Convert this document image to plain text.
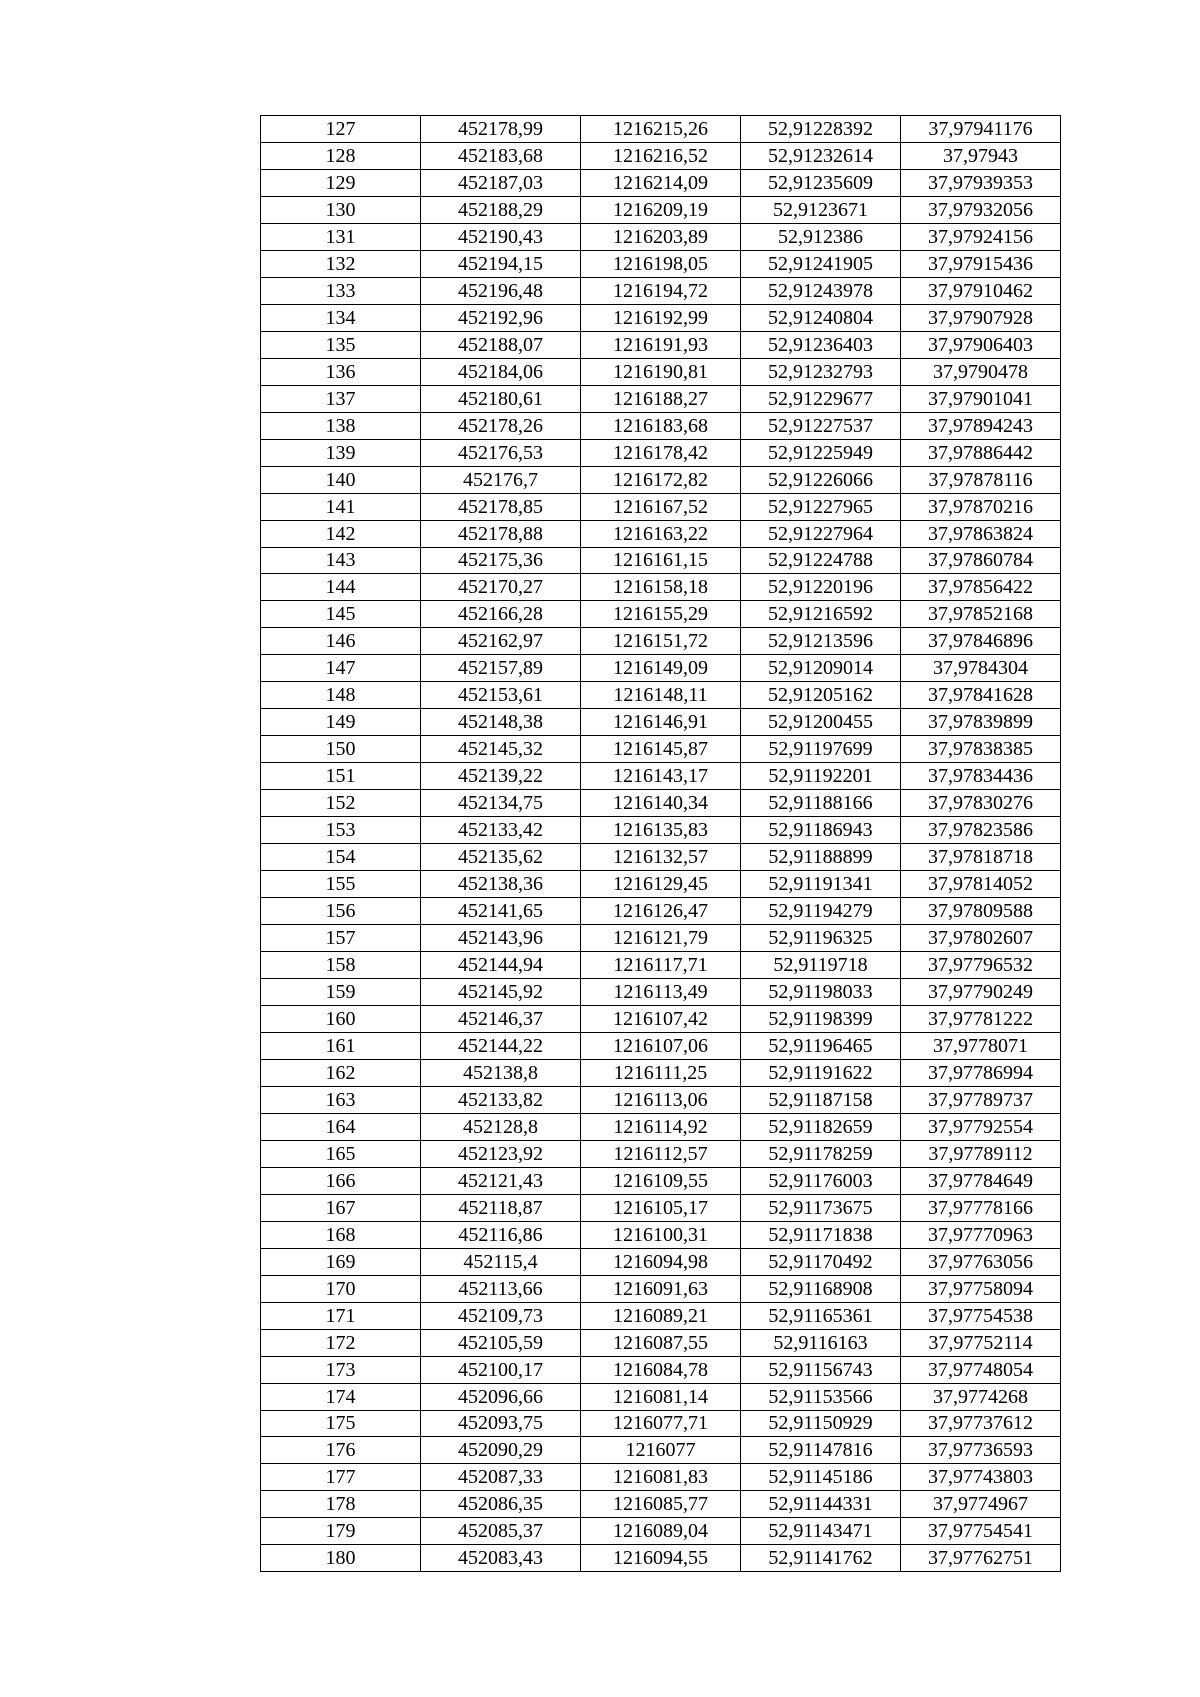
127	452178,99	1216215,26	52,91228392	37,97941176
128	452183,68	1216216,52	52,91232614	37,97943
129	452187,03	1216214,09	52,91235609	37,97939353
130	452188,29	1216209,19	52,9123671	37,97932056
131	452190,43	1216203,89	52,912386	37,97924156
132	452194,15	1216198,05	52,91241905	37,97915436
133	452196,48	1216194,72	52,91243978	37,97910462
134	452192,96	1216192,99	52,91240804	37,97907928
135	452188,07	1216191,93	52,91236403	37,97906403
136	452184,06	1216190,81	52,91232793	37,9790478
137	452180,61	1216188,27	52,91229677	37,97901041
138	452178,26	1216183,68	52,91227537	37,97894243
139	452176,53	1216178,42	52,91225949	37,97886442
140	452176,7	1216172,82	52,91226066	37,97878116
141	452178,85	1216167,52	52,91227965	37,97870216
142	452178,88	1216163,22	52,91227964	37,97863824
143	452175,36	1216161,15	52,91224788	37,97860784
144	452170,27	1216158,18	52,91220196	37,97856422
145	452166,28	1216155,29	52,91216592	37,97852168
146	452162,97	1216151,72	52,91213596	37,97846896
147	452157,89	1216149,09	52,91209014	37,9784304
148	452153,61	1216148,11	52,91205162	37,97841628
149	452148,38	1216146,91	52,91200455	37,97839899
150	452145,32	1216145,87	52,91197699	37,97838385
151	452139,22	1216143,17	52,91192201	37,97834436
152	452134,75	1216140,34	52,91188166	37,97830276
153	452133,42	1216135,83	52,91186943	37,97823586
154	452135,62	1216132,57	52,91188899	37,97818718
155	452138,36	1216129,45	52,91191341	37,97814052
156	452141,65	1216126,47	52,91194279	37,97809588
157	452143,96	1216121,79	52,91196325	37,97802607
158	452144,94	1216117,71	52,9119718	37,97796532
159	452145,92	1216113,49	52,91198033	37,97790249
160	452146,37	1216107,42	52,91198399	37,97781222
161	452144,22	1216107,06	52,91196465	37,9778071
162	452138,8	1216111,25	52,91191622	37,97786994
163	452133,82	1216113,06	52,91187158	37,97789737
164	452128,8	1216114,92	52,91182659	37,97792554
165	452123,92	1216112,57	52,91178259	37,97789112
166	452121,43	1216109,55	52,91176003	37,97784649
167	452118,87	1216105,17	52,91173675	37,97778166
168	452116,86	1216100,31	52,91171838	37,97770963
169	452115,4	1216094,98	52,91170492	37,97763056
170	452113,66	1216091,63	52,91168908	37,97758094
171	452109,73	1216089,21	52,91165361	37,97754538
172	452105,59	1216087,55	52,9116163	37,97752114
173	452100,17	1216084,78	52,91156743	37,97748054
174	452096,66	1216081,14	52,91153566	37,9774268
175	452093,75	1216077,71	52,91150929	37,97737612
176	452090,29	1216077	52,91147816	37,97736593
177	452087,33	1216081,83	52,91145186	37,97743803
178	452086,35	1216085,77	52,91144331	37,9774967
179	452085,37	1216089,04	52,91143471	37,97754541
180	452083,43	1216094,55	52,91141762	37,97762751
